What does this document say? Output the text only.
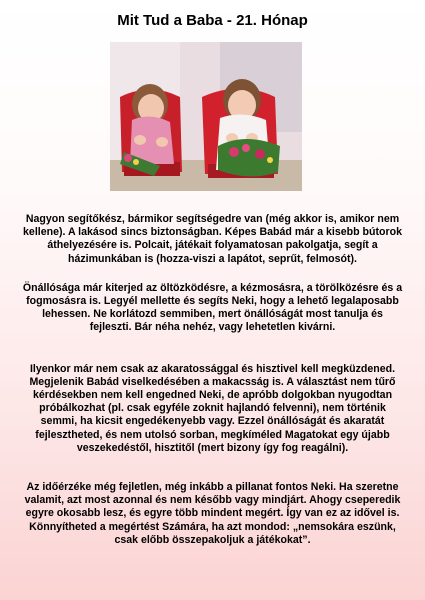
Mit Tud a Baba - 21. Hónap

Nagyon segítőkész, bármikor segítségedre van (még akkor is, amikor nem kellene). A lakásod sincs biztonságban. Képes Babád már a kisebb bútorok áthelyezésére is. Polcait, játékait folyamatosan pakolgatja, segít a házimunkában is (hozza-viszi a lapátot, seprűt, felmosót).

Önállósága már kiterjed az öltözködésre, a kézmosásra, a törölközésre és a fogmosásra is. Legyél mellette és segíts Neki, hogy a lehető legalaposabb lehessen. Ne korlátozd semmiben, mert önállóságát most tanulja és fejleszti. Bár néha nehéz, vagy lehetetlen kivárni.

Ilyenkor már nem csak az akaratossággal és hisztivel kell megküzdened. Megjelenik Babád viselkedésében a makacsság is. A választást nem tűrő kérdésekben nem kell engedned Neki, de apróbb dolgokban nyugodtan próbálkozhat (pl. csak egyféle zoknit hajlandó felvenni), nem történik semmi, ha kicsit engedékenyebb vagy. Ezzel önállóságát és akaratát fejlesztheted, és nem utolsó sorban, megkíméled Magatokat egy újabb veszekedéstől, hisztitől (mert bizony így fog reagálni).

Az időérzéke még fejletlen, még inkább a pillanat fontos Neki. Ha szeretne valamit, azt most azonnal és nem később vagy mindjárt. Ahogy cseperedik egyre okosabb lesz, és egyre több mindent megért. Így van ez az idővel is. Könnyítheted a megértést Számára, ha azt mondod: „nemsokára eszünk, csak előbb összepakoljuk a játékokat”.
